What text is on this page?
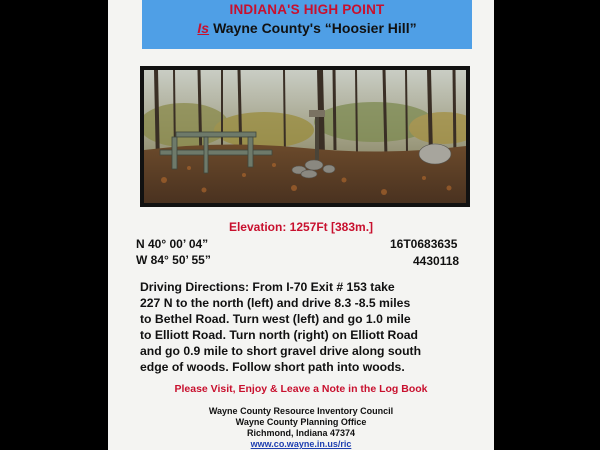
INDIANA'S HIGH POINT
Is Wayne County's “Hoosier Hill”
Elevation: 1257Ft [383m.]
N 40° 00’ 04”
W 84° 50’ 55”
16T0683635
4430118
Driving Directions: From I-70 Exit # 153 take
227 N to the north (left) and drive 8.3 -8.5 miles
to Bethel Road. Turn west (left) and go 1.0 mile
to Elliott Road. Turn north (right) on Elliott Road
and go 0.9 mile to short gravel drive along south
edge of woods. Follow short path into woods.
Please Visit, Enjoy & Leave a Note in the Log Book
Wayne County Resource Inventory Council
Wayne County Planning Office
Richmond, Indiana 47374
www.co.wayne.in.us/ric
